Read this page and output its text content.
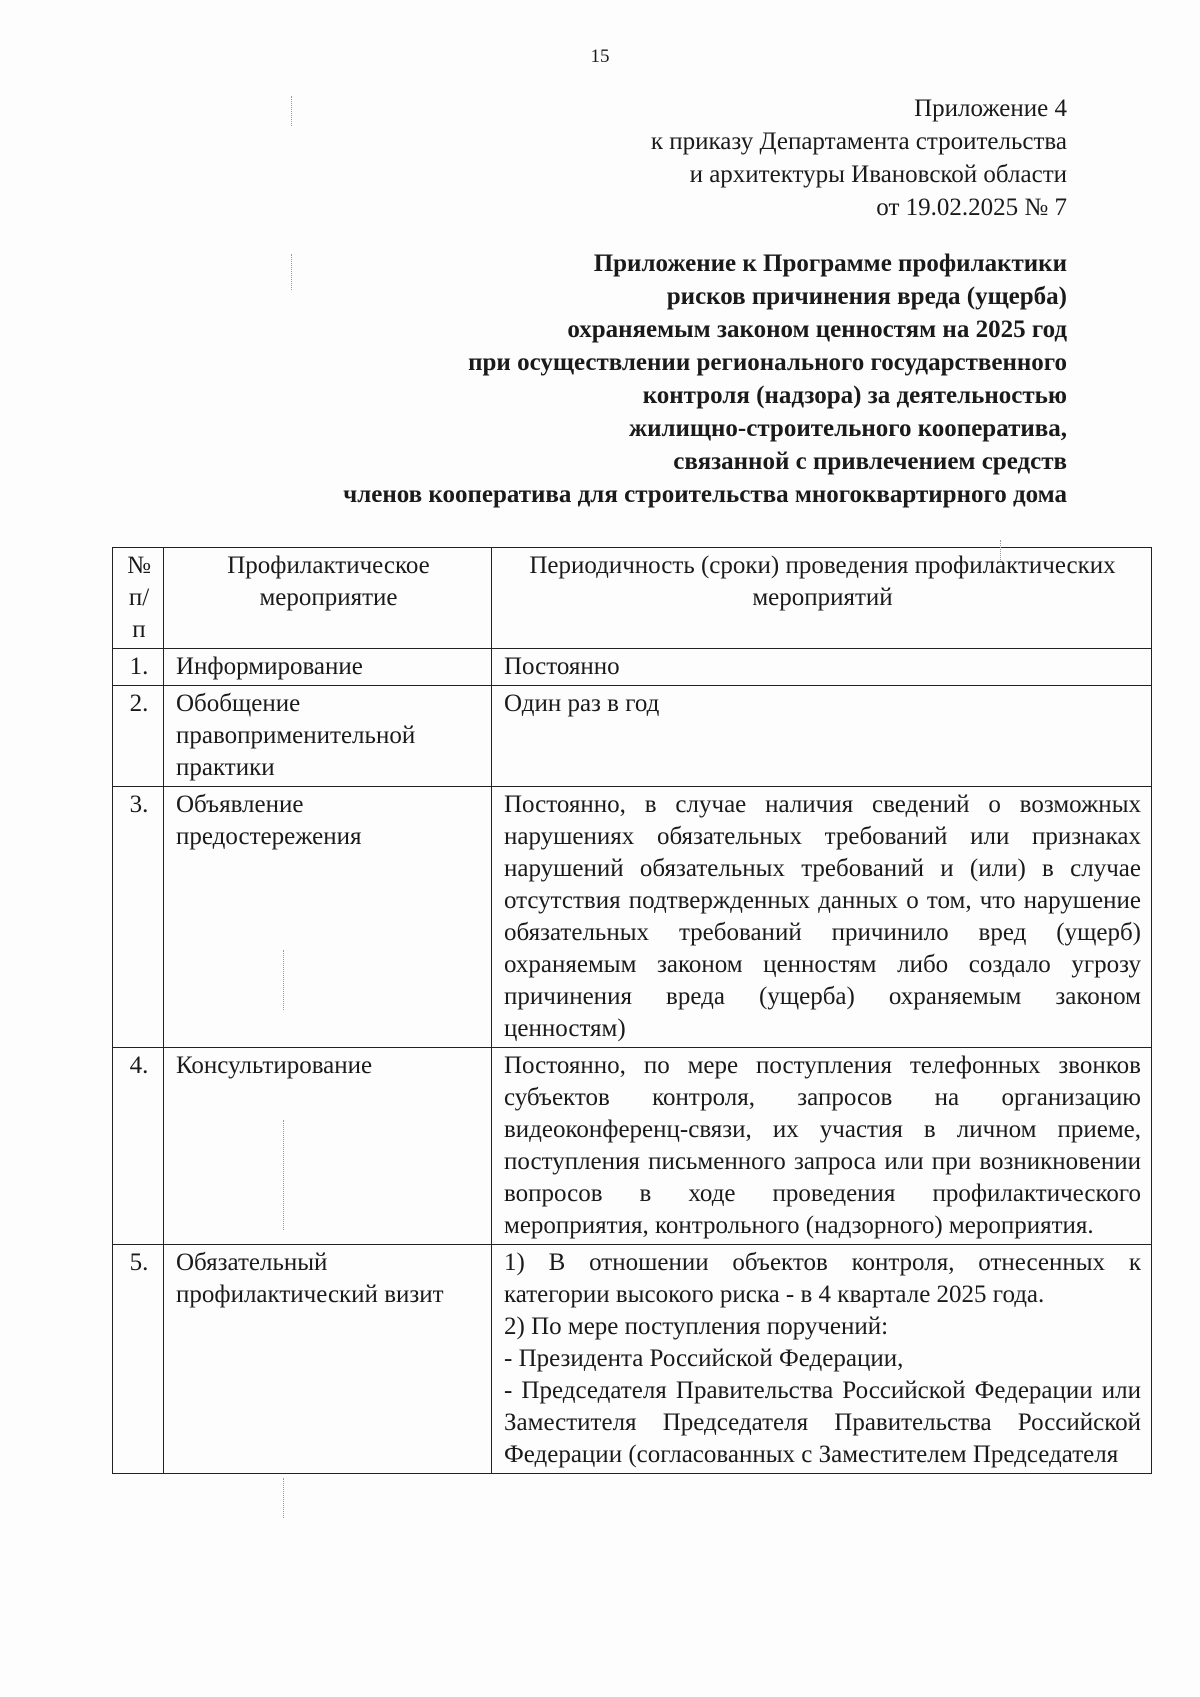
15
Приложение 4
к приказу Департамента строительства
и архитектуры Ивановской области
от 19.02.2025 № 7
Приложение к Программе профилактики
рисков причинения вреда (ущерба)
охраняемым законом ценностям на 2025 год
при осуществлении регионального государственного
контроля (надзора) за деятельностью
жилищно-строительного кооператива,
связанной с привлечением средств
членов кооператива для строительства многоквартирного дома
№ п/ п	Профилактическое мероприятие	Периодичность (сроки) проведения профилактических мероприятий
1.	Информирование	Постоянно
2.	Обобщение правоприменительной практики	Один раз в год
3.	Объявление предостережения	Постоянно, в случае наличия сведений о возможных нарушениях обязательных требований или признаках нарушений обязательных требований и (или) в случае отсутствия подтвержденных данных о том, что нарушение обязательных требований причинило вред (ущерб) охраняемым законом ценностям либо создало угрозу причинения вреда (ущерба) охраняемым законом ценностям)
4.	Консультирование	Постоянно, по мере поступления телефонных звонков субъектов контроля, запросов на организацию видеоконференц-связи, их участия в личном приеме, поступления письменного запроса или при возникновении вопросов в ходе проведения профилактического мероприятия, контрольного (надзорного) мероприятия.
5.	Обязательный профилактический визит	1) В отношении объектов контроля, отнесенных к категории высокого риска - в 4 квартале 2025 года.
2) По мере поступления поручений:
- Президента Российской Федерации,
- Председателя Правительства Российской Федерации или Заместителя Председателя Правительства Российской Федерации (согласованных с Заместителем Председателя
